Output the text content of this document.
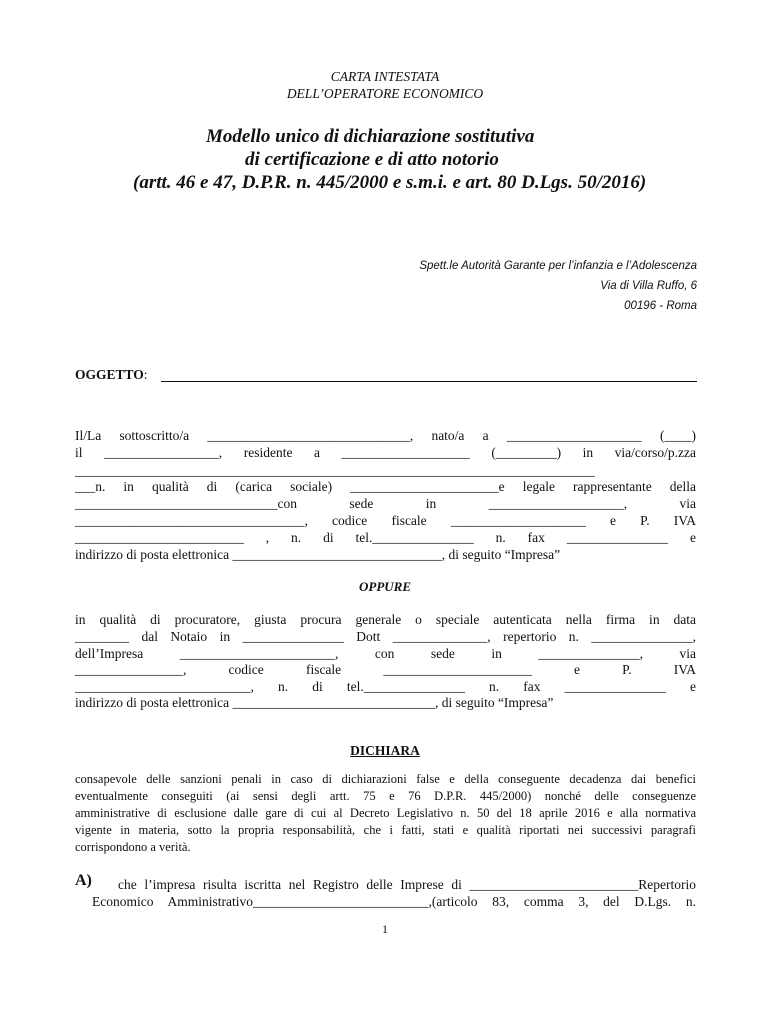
CARTA INTESTATA
DELL’OPERATORE ECONOMICO
Modello unico di dichiarazione sostitutiva
di certificazione e di atto notorio
(artt. 46 e 47, D.P.R. n. 445/2000 e s.m.i. e art. 80 D.Lgs. 50/2016)
Spett.le Autorità Garante per l’infanzia e l’Adolescenza
Via di Villa Ruffo, 6
00196 - Roma
OGGETTO:
Il/La sottoscritto/a ______________________________, nato/a a ____________________ (____)
il _________________, residente a ___________________ (_________) in via/corso/p.zza
_____________________________________________________________________________
___n. in qualità di (carica sociale) ______________________e legale rappresentante della
______________________________con sede in ____________________, via
__________________________________, codice fiscale ____________________ e P. IVA
_________________________ , n. di tel._______________ n. fax _______________ e
indirizzo di posta elettronica _______________________________, di seguito “Impresa”
OPPURE
in qualità di procuratore, giusta procura generale o speciale autenticata nella firma in data
________ dal Notaio in _______________ Dott ______________, repertorio n. _______________,
dell’Impresa _______________________, con sede in _______________, via
________________, codice fiscale ______________________ e P. IVA
__________________________, n. di tel._______________ n. fax _______________ e
indirizzo di posta elettronica ______________________________, di seguito “Impresa”
DICHIARA
consapevole delle sanzioni penali in caso di dichiarazioni false e della conseguente decadenza dai benefici
eventualmente conseguiti (ai sensi degli artt. 75 e 76 D.P.R. 445/2000) nonché delle conseguenze
amministrative di esclusione dalle gare di cui al Decreto Legislativo n. 50 del 18 aprile 2016 e alla normativa
vigente in materia, sotto la propria responsabilità, che i fatti, stati e qualità riportati nei successivi paragrafi
corrispondono a verità.
A) che l’impresa risulta iscritta nel Registro delle Imprese di _________________________Repertorio
Economico Amministrativo__________________________,(articolo 83, comma 3, del D.Lgs. n.
1
